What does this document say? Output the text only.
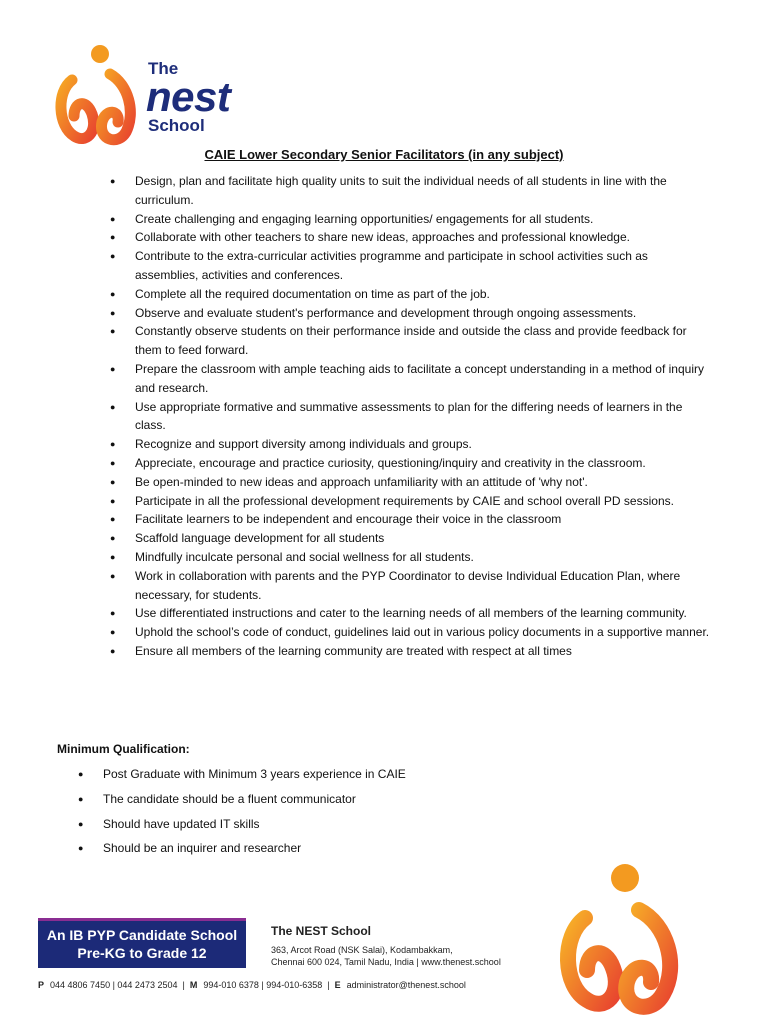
The
nest
School
CAIE Lower Secondary Senior Facilitators (in any subject)
● Design, plan and facilitate high quality units to suit the individual needs of all students in line with the curriculum.
● Create challenging and engaging learning opportunities/ engagements for all students.
● Collaborate with other teachers to share new ideas, approaches and professional knowledge.
● Contribute to the extra-curricular activities programme and participate in school activities such as assemblies, activities and conferences.
● Complete all the required documentation on time as part of the job.
● Observe and evaluate student's performance and development through ongoing assessments.
● Constantly observe students on their performance inside and outside the class and provide feedback for them to feed forward.
● Prepare the classroom with ample teaching aids to facilitate a concept understanding in a method of inquiry and research.
● Use appropriate formative and summative assessments to plan for the differing needs of learners in the class.
● Recognize and support diversity among individuals and groups.
● Appreciate, encourage and practice curiosity, questioning/inquiry and creativity in the classroom.
● Be open-minded to new ideas and approach unfamiliarity with an attitude of 'why not'.
● Participate in all the professional development requirements by CAIE and school overall PD sessions.
● Facilitate learners to be independent and encourage their voice in the classroom
● Scaffold language development for all students
● Mindfully inculcate personal and social wellness for all students.
● Work in collaboration with parents and the PYP Coordinator to devise Individual Education Plan, where necessary, for students.
● Use differentiated instructions and cater to the learning needs of all members of the learning community.
● Uphold the school’s code of conduct, guidelines laid out in various policy documents in a supportive manner.
● Ensure all members of the learning community are treated with respect at all times
Minimum Qualification:
● Post Graduate with Minimum 3 years experience in CAIE
● The candidate should be a fluent communicator
● Should have updated IT skills
● Should be an inquirer and researcher
An IB PYP Candidate School
Pre-KG to Grade 12
The NEST School
363, Arcot Road (NSK Salai), Kodambakkam,
Chennai 600 024, Tamil Nadu, India | www.thenest.school
P 044 4806 7450 | 044 2473 2504 | M 994-010 6378 | 994-010-6358 | E administrator@thenest.school
